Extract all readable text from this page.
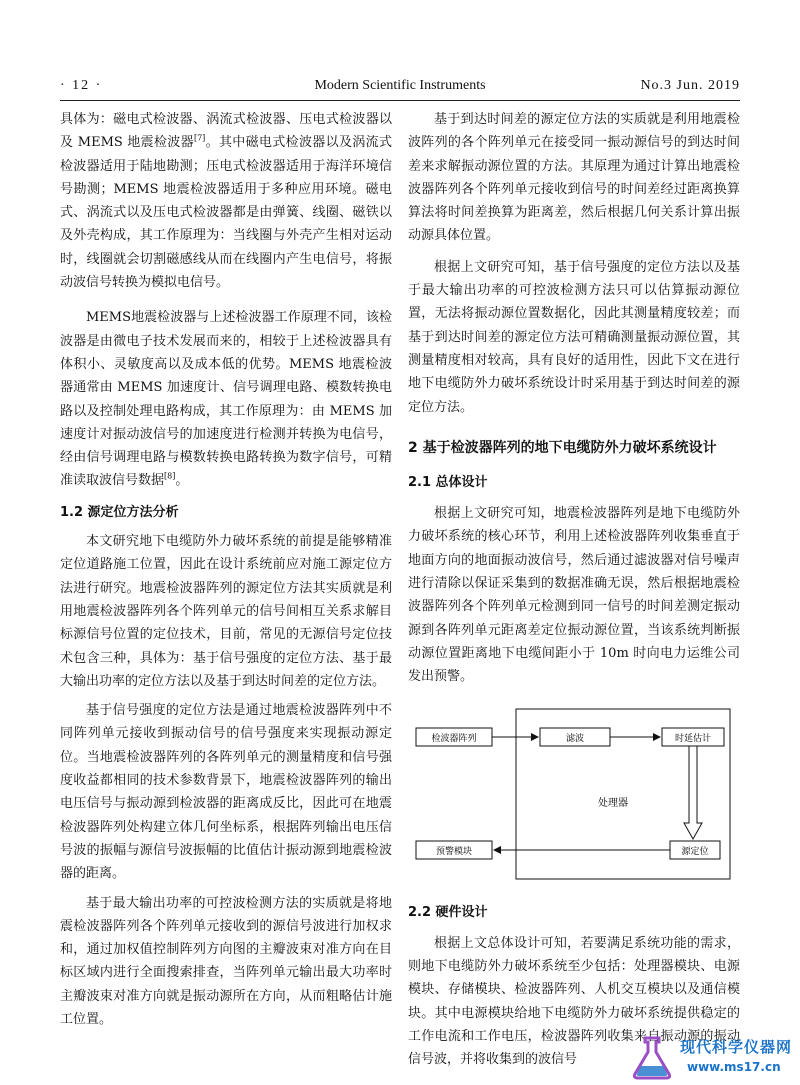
· 12 ·	Modern Scientific Instruments	No.3 Jun. 2019

具体为：磁电式检波器、涡流式检波器、压电式检波器以及 MEMS 地震检波器[7]。其中磁电式检波器以及涡流式检波器适用于陆地勘测；压电式检波器适用于海洋环境信号勘测；MEMS 地震检波器适用于多种应用环境。磁电式、涡流式以及压电式检波器都是由弹簧、线圈、磁铁以及外壳构成，其工作原理为：当线圈与外壳产生相对运动时，线圈就会切割磁感线从而在线圈内产生电信号，将振动波信号转换为模拟电信号。

MEMS地震检波器与上述检波器工作原理不同，该检波器是由微电子技术发展而来的，相较于上述检波器具有体积小、灵敏度高以及成本低的优势。MEMS 地震检波器通常由 MEMS 加速度计、信号调理电路、模数转换电路以及控制处理电路构成，其工作原理为：由 MEMS 加速度计对振动波信号的加速度进行检测并转换为电信号，经由信号调理电路与模数转换电路转换为数字信号，可精准读取波信号数据[8]。

1.2 源定位方法分析

本文研究地下电缆防外力破坏系统的前提是能够精准定位道路施工位置，因此在设计系统前应对施工源定位方法进行研究。地震检波器阵列的源定位方法其实质就是利用地震检波器阵列各个阵列单元的信号间相互关系求解目标源信号位置的定位技术，目前，常见的无源信号定位技术包含三种，具体为：基于信号强度的定位方法、基于最大输出功率的定位方法以及基于到达时间差的定位方法。

基于信号强度的定位方法是通过地震检波器阵列中不同阵列单元接收到振动信号的信号强度来实现振动源定位。当地震检波器阵列的各阵列单元的测量精度和信号强度收益都相同的技术参数背景下，地震检波器阵列的输出电压信号与振动源到检波器的距离成反比，因此可在地震检波器阵列处构建立体几何坐标系，根据阵列输出电压信号波的振幅与源信号波振幅的比值估计振动源到地震检波器的距离。

基于最大输出功率的可控波检测方法的实质就是将地震检波器阵列各个阵列单元接收到的源信号波进行加权求和，通过加权值控制阵列方向图的主瓣波束对准方向在目标区域内进行全面搜索排查，当阵列单元输出最大功率时主瓣波束对准方向就是振动源所在方向，从而粗略估计施工位置。

基于到达时间差的源定位方法的实质就是利用地震检波阵列的各个阵列单元在接受同一振动源信号的到达时间差来求解振动源位置的方法。其原理为通过计算出地震检波器阵列各个阵列单元接收到信号的时间差经过距离换算算法将时间差换算为距离差，然后根据几何关系计算出振动源具体位置。

根据上文研究可知，基于信号强度的定位方法以及基于最大输出功率的可控波检测方法只可以估算振动源位置，无法将振动源位置数据化，因此其测量精度较差；而基于到达时间差的源定位方法可精确测量振动源位置，其测量精度相对较高，具有良好的适用性，因此下文在进行地下电缆防外力破坏系统设计时采用基于到达时间差的源定位方法。

2 基于检波器阵列的地下电缆防外力破坏系统设计

2.1 总体设计

根据上文研究可知，地震检波器阵列是地下电缆防外力破坏系统的核心环节，利用上述检波器阵列收集垂直于地面方向的地面振动波信号，然后通过滤波器对信号噪声进行清除以保证采集到的数据准确无误，然后根据地震检波器阵列各个阵列单元检测到同一信号的时间差测定振动源到各阵列单元距离差定位振动源位置，当该系统判断振动源位置距离地下电缆间距小于 10m 时向电力运维公司发出预警。

处理器
检波器阵列	滤波	时延估计
源定位
预警模块

2.2 硬件设计

根据上文总体设计可知，若要满足系统功能的需求，则地下电缆防外力破坏系统至少包括：处理器模块、电源模块、存储模块、检波器阵列、人机交互模块以及通信模块。其中电源模块给地下电缆防外力破坏系统提供稳定的工作电流和工作电压，检波器阵列收集来自振动源的振动信号波，并将收集到的波信号

现代科学仪器网
www.ms17.cn
